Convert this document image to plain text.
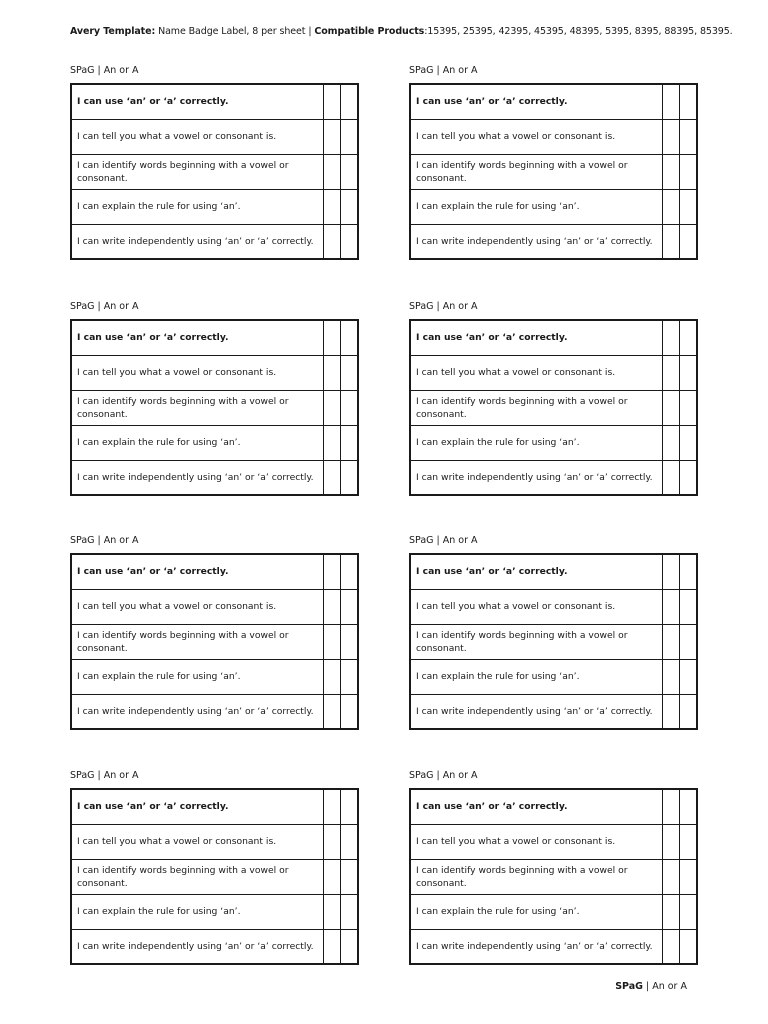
Avery Template: Name Badge Label, 8 per sheet | Compatible Products:15395, 25395, 42395, 45395, 48395, 5395, 8395, 88395, 85395.
SPaG | An or A
I can use ‘an’ or ‘a’ correctly.		
I can tell you what a vowel or consonant is.		
I can identify words beginning with a vowel or consonant.		
I can explain the rule for using ‘an’.		
I can write independently using ‘an’ or ‘a’ correctly.		
SPaG | An or A
I can use ‘an’ or ‘a’ correctly.		
I can tell you what a vowel or consonant is.		
I can identify words beginning with a vowel or consonant.		
I can explain the rule for using ‘an’.		
I can write independently using ‘an’ or ‘a’ correctly.		
SPaG | An or A
I can use ‘an’ or ‘a’ correctly.		
I can tell you what a vowel or consonant is.		
I can identify words beginning with a vowel or consonant.		
I can explain the rule for using ‘an’.		
I can write independently using ‘an’ or ‘a’ correctly.		
SPaG | An or A
I can use ‘an’ or ‘a’ correctly.		
I can tell you what a vowel or consonant is.		
I can identify words beginning with a vowel or consonant.		
I can explain the rule for using ‘an’.		
I can write independently using ‘an’ or ‘a’ correctly.		
SPaG | An or A
I can use ‘an’ or ‘a’ correctly.		
I can tell you what a vowel or consonant is.		
I can identify words beginning with a vowel or consonant.		
I can explain the rule for using ‘an’.		
I can write independently using ‘an’ or ‘a’ correctly.		
SPaG | An or A
I can use ‘an’ or ‘a’ correctly.		
I can tell you what a vowel or consonant is.		
I can identify words beginning with a vowel or consonant.		
I can explain the rule for using ‘an’.		
I can write independently using ‘an’ or ‘a’ correctly.		
SPaG | An or A
I can use ‘an’ or ‘a’ correctly.		
I can tell you what a vowel or consonant is.		
I can identify words beginning with a vowel or consonant.		
I can explain the rule for using ‘an’.		
I can write independently using ‘an’ or ‘a’ correctly.		
SPaG | An or A
I can use ‘an’ or ‘a’ correctly.		
I can tell you what a vowel or consonant is.		
I can identify words beginning with a vowel or consonant.		
I can explain the rule for using ‘an’.		
I can write independently using ‘an’ or ‘a’ correctly.		
SPaG | An or A
